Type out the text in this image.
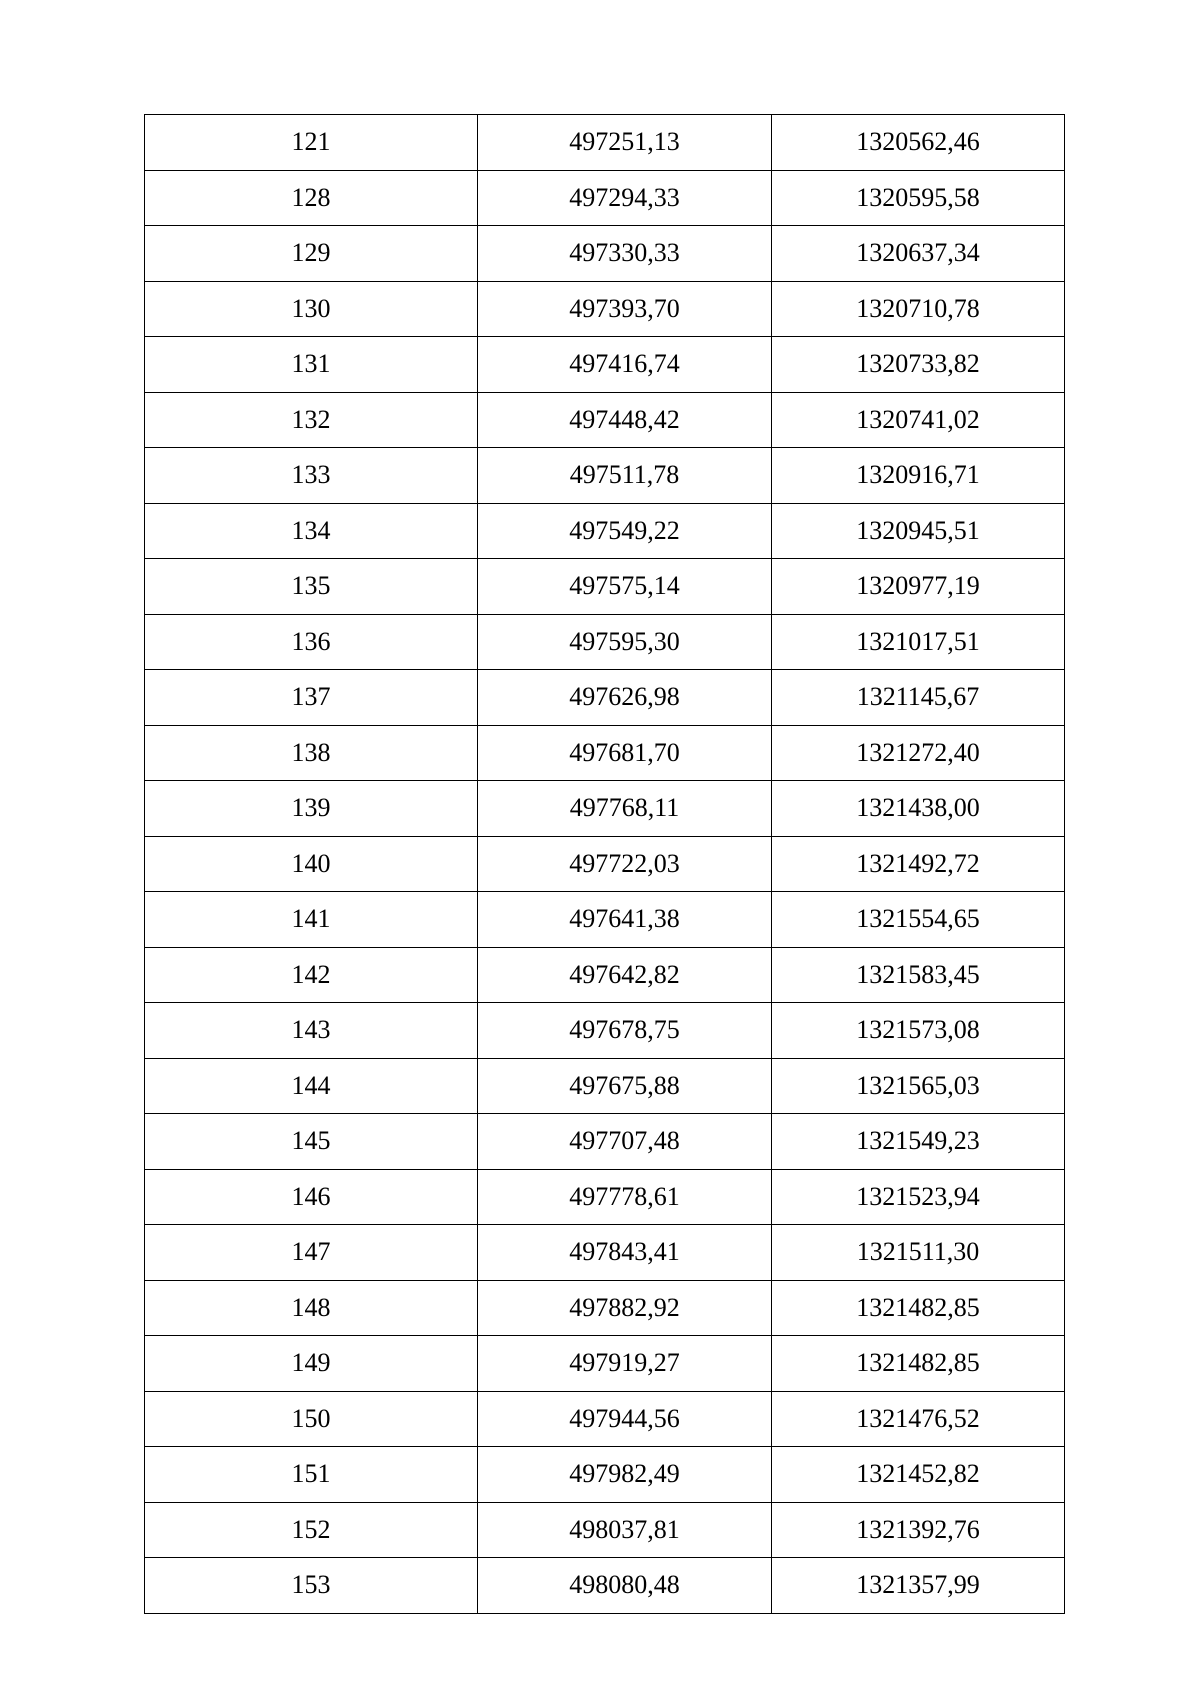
121	497251,13	1320562,46
128	497294,33	1320595,58
129	497330,33	1320637,34
130	497393,70	1320710,78
131	497416,74	1320733,82
132	497448,42	1320741,02
133	497511,78	1320916,71
134	497549,22	1320945,51
135	497575,14	1320977,19
136	497595,30	1321017,51
137	497626,98	1321145,67
138	497681,70	1321272,40
139	497768,11	1321438,00
140	497722,03	1321492,72
141	497641,38	1321554,65
142	497642,82	1321583,45
143	497678,75	1321573,08
144	497675,88	1321565,03
145	497707,48	1321549,23
146	497778,61	1321523,94
147	497843,41	1321511,30
148	497882,92	1321482,85
149	497919,27	1321482,85
150	497944,56	1321476,52
151	497982,49	1321452,82
152	498037,81	1321392,76
153	498080,48	1321357,99
